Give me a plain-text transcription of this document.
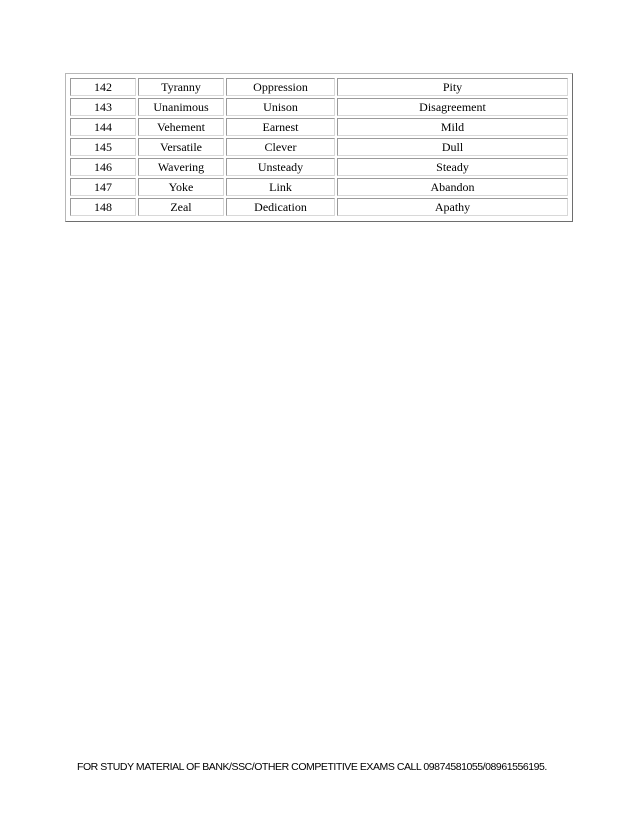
142	Tyranny	Oppression	Pity
143	Unanimous	Unison	Disagreement
144	Vehement	Earnest	Mild
145	Versatile	Clever	Dull
146	Wavering	Unsteady	Steady
147	Yoke	Link	Abandon
148	Zeal	Dedication	Apathy
FOR STUDY MATERIAL OF BANK/SSC/OTHER COMPETITIVE EXAMS CALL 09874581055/08961556195.
